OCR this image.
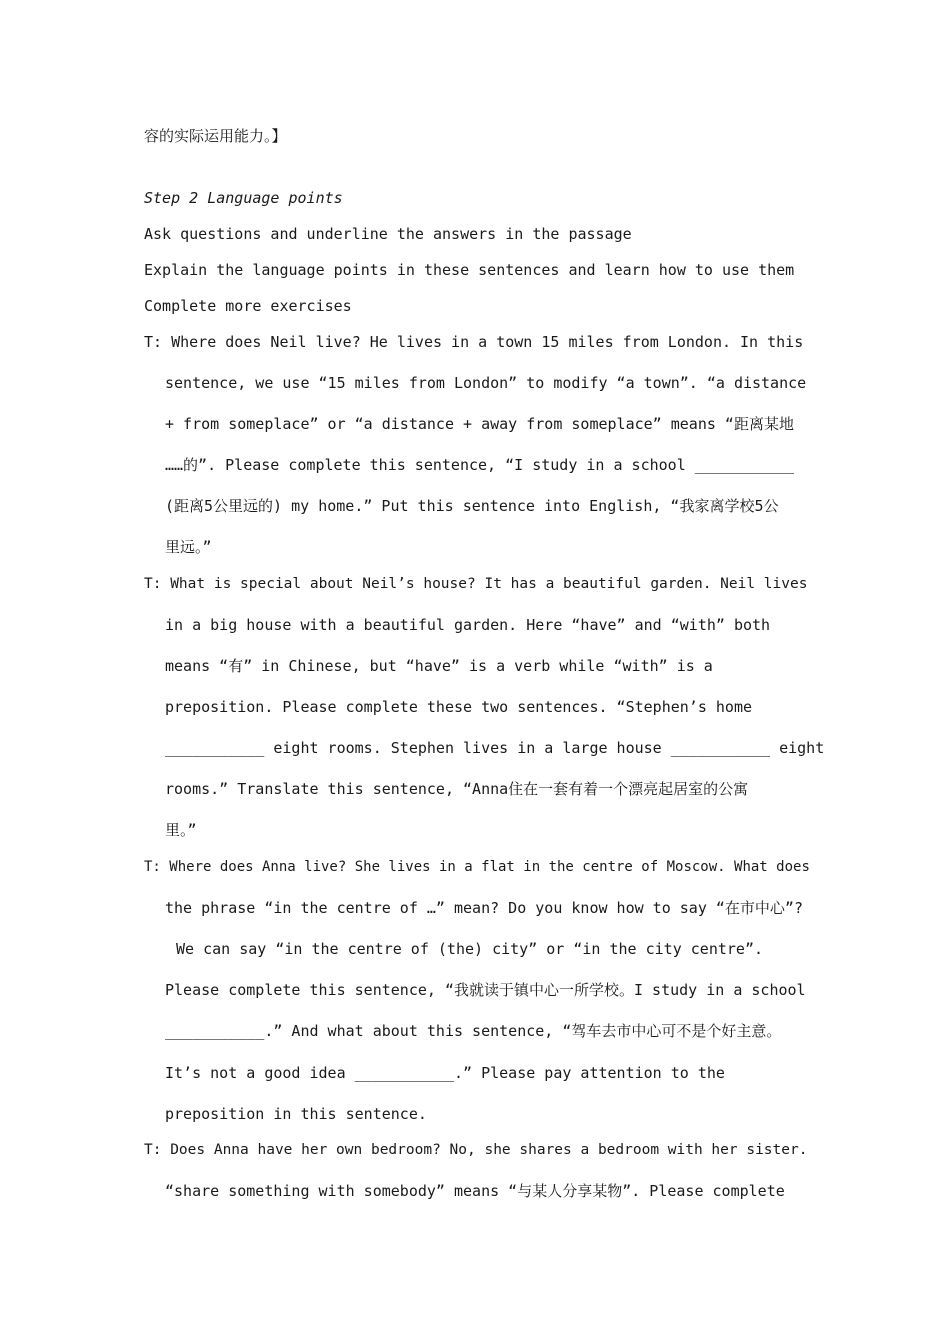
容的实际运用能力。】
Step 2 Language points
Ask questions and underline the answers in the passage
Explain the language points in these sentences and learn how to use them
Complete more exercises
T: Where does Neil live? He lives in a town 15 miles from London. In this
sentence, we use “15 miles from London” to modify “a town”. “a distance
+ from someplace” or “a distance + away from someplace” means “距离某地
……的”. Please complete this sentence, “I study in a school ___________
(距离5公里远的) my home.” Put this sentence into English, “我家离学校5公
里远。”
T: What is special about Neil’s house? It has a beautiful garden. Neil lives
in a big house with a beautiful garden. Here “have” and “with” both
means “有” in Chinese, but “have” is a verb while “with” is a
preposition. Please complete these two sentences. “Stephen’s home
___________ eight rooms. Stephen lives in a large house ___________ eight
rooms.” Translate this sentence, “Anna住在一套有着一个漂亮起居室的公寓
里。”
T: Where does Anna live? She lives in a flat in the centre of Moscow. What does
the phrase “in the centre of …” mean? Do you know how to say “在市中心”?
We can say “in the centre of (the) city” or “in the city centre”.
Please complete this sentence, “我就读于镇中心一所学校。I study in a school
___________.” And what about this sentence, “驾车去市中心可不是个好主意。
It’s not a good idea ___________.” Please pay attention to the
preposition in this sentence.
T: Does Anna have her own bedroom? No, she shares a bedroom with her sister.
“share something with somebody” means “与某人分享某物”. Please complete
